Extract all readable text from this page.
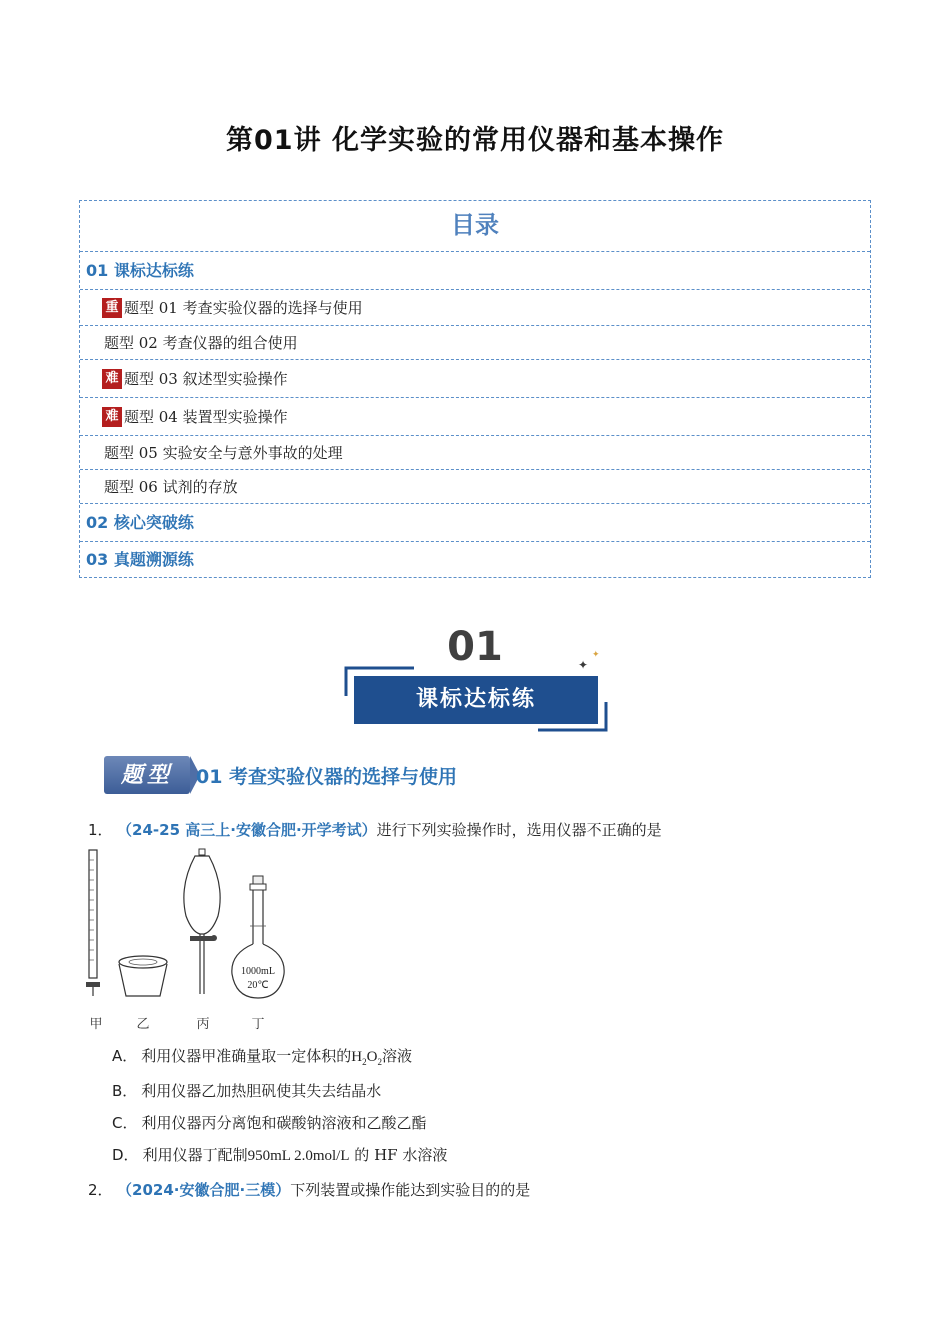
第01讲 化学实验的常用仪器和基本操作
目录
01 课标达标练
重 题型 01 考查实验仪器的选择与使用
题型 02 考查仪器的组合使用
难 题型 03 叙述型实验操作
难 题型 04 装置型实验操作
题型 05 实验安全与意外事故的处理
题型 06 试剂的存放
02 核心突破练
03 真题溯源练
01
课标达标练
✦
✦
题型	01 考查实验仪器的选择与使用
1． （24-25 高三上·安徽合肥·开学考试）进行下列实验操作时，选用仪器不正确的是
1000mL
20℃
甲	乙	丙	丁
A． 利用仪器甲准确量取一定体积的$H_2O_2$溶液
B． 利用仪器乙加热胆矾使其失去结晶水
C． 利用仪器丙分离饱和碳酸钠溶液和乙酸乙酯
D． 利用仪器丁配制950mL 2.0mol/L 的 HF 水溶液
2． （2024·安徽合肥·三模）下列装置或操作能达到实验目的的是
